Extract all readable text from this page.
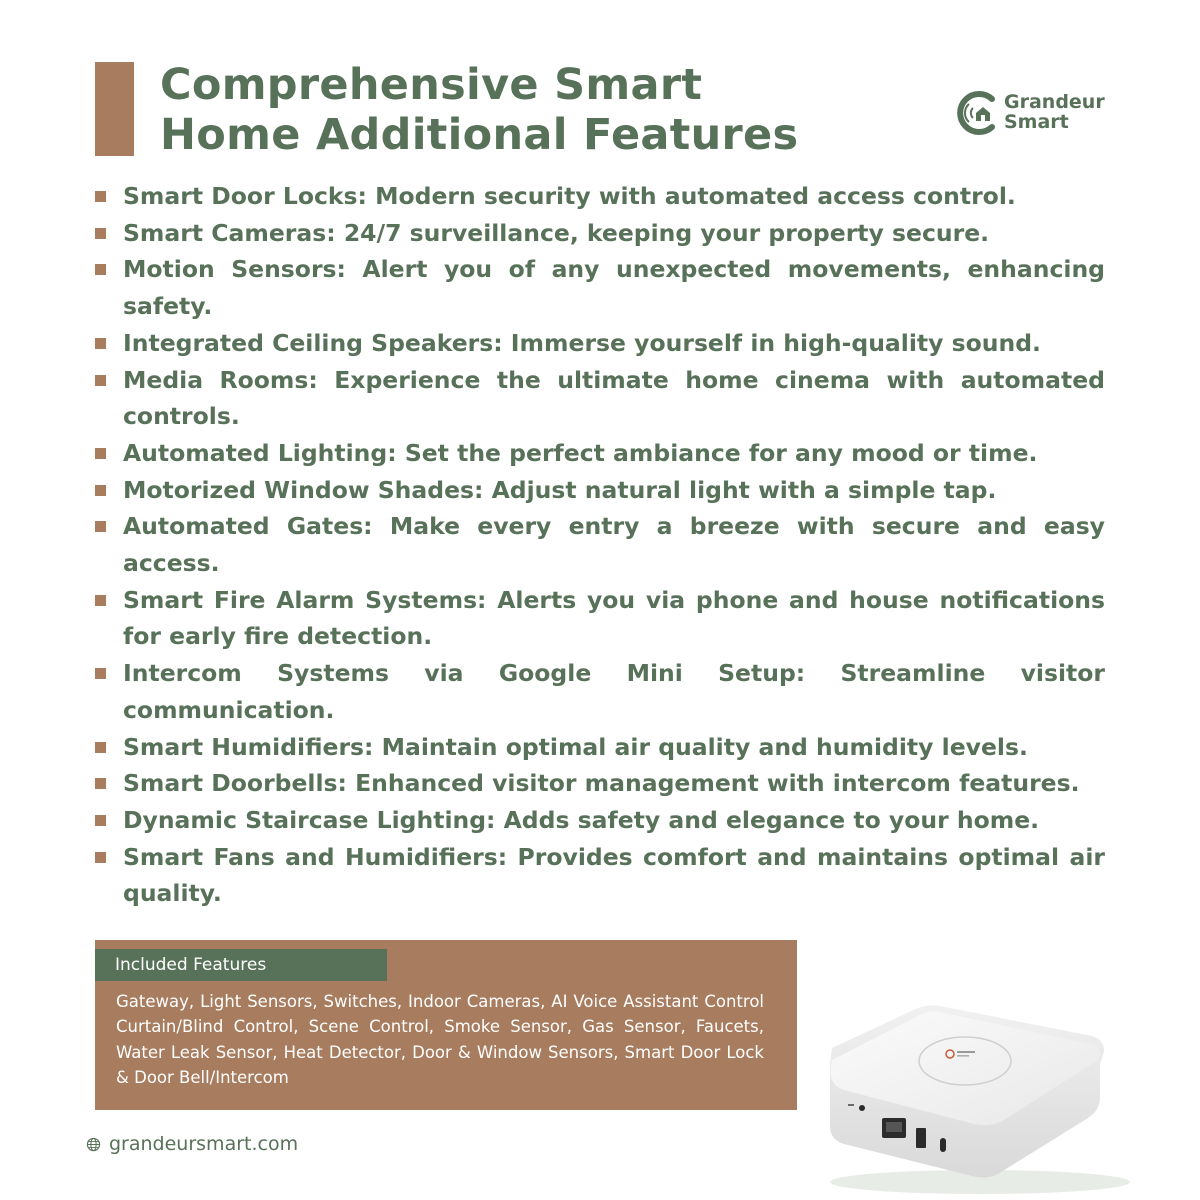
Comprehensive Smart
Home Additional Features
Grandeur
Smart
Smart Door Locks: Modern security with automated access control.
Smart Cameras: 24/7 surveillance, keeping your property secure.
Motion Sensors: Alert you of any unexpected movements, enhancing safety.
Integrated Ceiling Speakers: Immerse yourself in high-quality sound.
Media Rooms: Experience the ultimate home cinema with automated controls.
Automated Lighting: Set the perfect ambiance for any mood or time.
Motorized Window Shades: Adjust natural light with a simple tap.
Automated Gates: Make every entry a breeze with secure and easy access.
Smart Fire Alarm Systems: Alerts you via phone and house notifications for early fire detection.
Intercom Systems via Google Mini Setup: Streamline visitor communication.
Smart Humidifiers: Maintain optimal air quality and humidity levels.
Smart Doorbells: Enhanced visitor management with intercom features.
Dynamic Staircase Lighting: Adds safety and elegance to your home.
Smart Fans and Humidifiers: Provides comfort and maintains optimal air quality.
Included Features
Gateway, Light Sensors, Switches, Indoor Cameras, AI Voice Assistant Control Curtain/Blind Control, Scene Control, Smoke Sensor, Gas Sensor, Faucets, Water Leak Sensor, Heat Detector, Door & Window Sensors, Smart Door Lock & Door Bell/Intercom
grandeursmart.com
